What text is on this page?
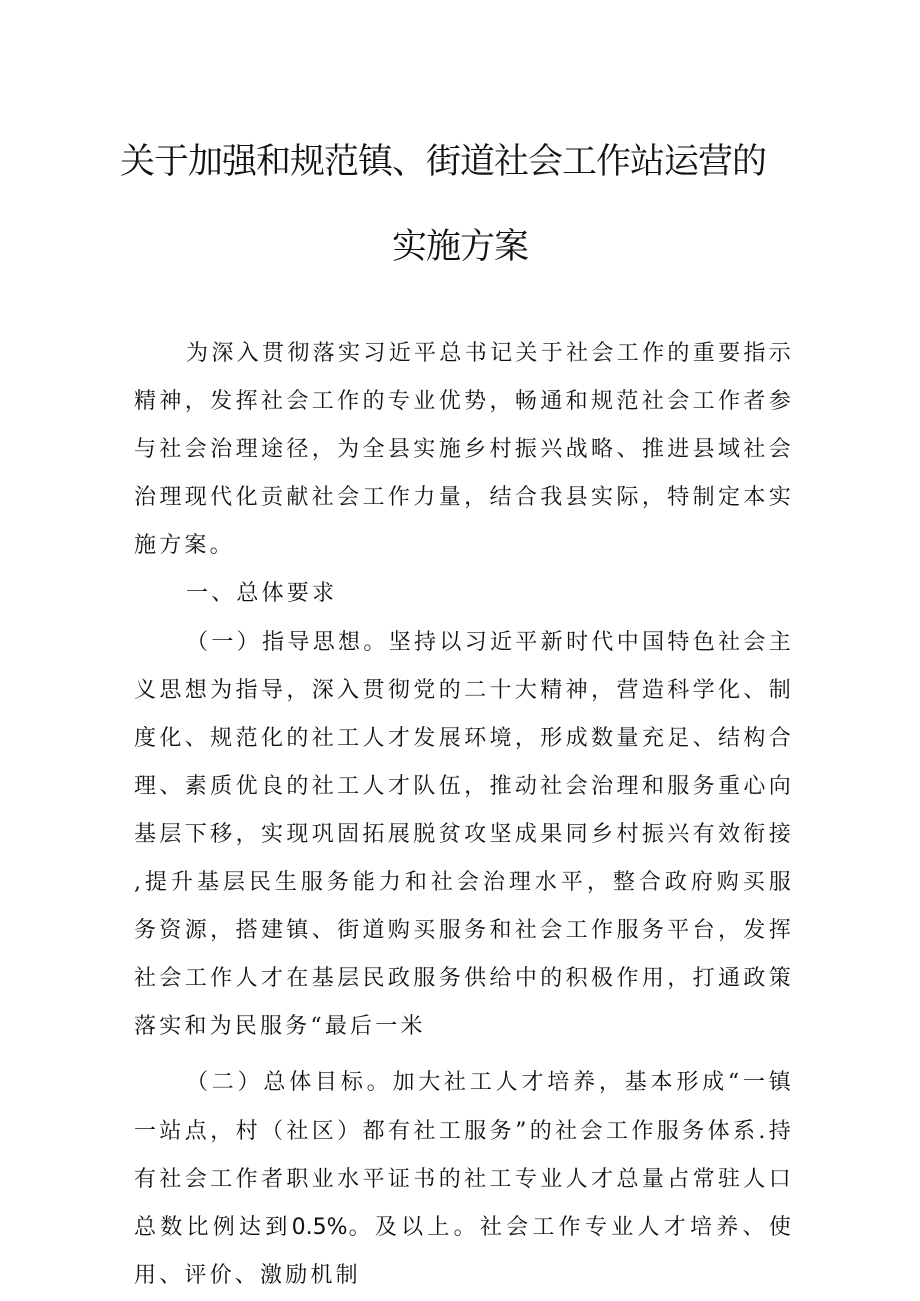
关于加强和规范镇、街道社会工作站运营的
实施方案

为深入贯彻落实习近平总书记关于社会工作的重要指示精神，发挥社会工作的专业优势，畅通和规范社会工作者参与社会治理途径，为全县实施乡村振兴战略、推进县域社会治理现代化贡献社会工作力量，结合我县实际，特制定本实施方案。

一、总体要求

（一）指导思想。坚持以习近平新时代中国特色社会主义思想为指导，深入贯彻党的二十大精神，营造科学化、制度化、规范化的社工人才发展环境，形成数量充足、结构合理、素质优良的社工人才队伍，推动社会治理和服务重心向基层下移，实现巩固拓展脱贫攻坚成果同乡村振兴有效衔接,提升基层民生服务能力和社会治理水平，整合政府购买服务资源，搭建镇、街道购买服务和社会工作服务平台，发挥社会工作人才在基层民政服务供给中的积极作用，打通政策落实和为民服务“最后一米

（二）总体目标。加大社工人才培养，基本形成“一镇一站点，村（社区）都有社工服务”的社会工作服务体系.持有社会工作者职业水平证书的社工专业人才总量占常驻人口总数比例达到0.5%。及以上。社会工作专业人才培养、使用、评价、激励机制
